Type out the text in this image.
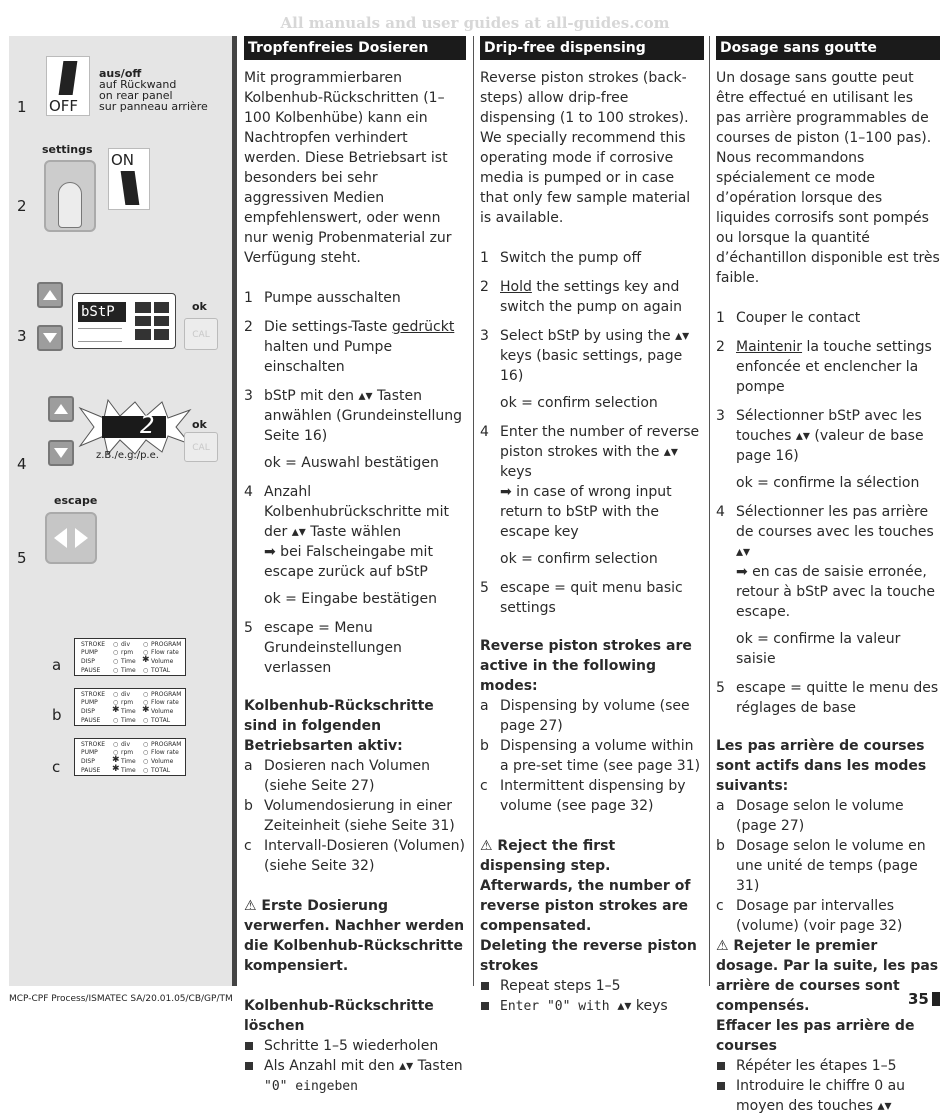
All manuals and user guides at all-guides.com
1
2
3
4
5
OFF
aus/off
auf Rückwand
on rear panel
sur panneau arrière
settings
ON
bStP	ok
CAL
2	ok
CAL
z.B./e.g./p.e.
escape
a
b
c
STROKE
PUMP
DISP
PAUSE
○ div
○ rpm
○ Time
○ Time
○ PROGRAM
○ Flow rate
✱ Volume
○ TOTAL
STROKE
PUMP
DISP
PAUSE
○ div
○ rpm
✱ Time
○ Time
○ PROGRAM
○ Flow rate
✱ Volume
○ TOTAL
STROKE
PUMP
DISP
PAUSE
○ div
○ rpm
✱ Time
✱ Time
○ PROGRAM
○ Flow rate
○ Volume
○ TOTAL
Tropfenfreies Dosieren

Mit programmierbaren Kolbenhub-Rückschritten (1–100 Kolbenhübe) kann ein Nachtropfen verhindert werden. Diese Betriebsart ist besonders bei sehr aggressiven Medien empfehlenswert, oder wenn nur wenig Probenmaterial zur Verfügung steht.

1 Pumpe ausschalten
2 Die settings-Taste gedrückt halten und Pumpe einschalten
3 bStP mit den ▴▾ Tasten anwählen (Grundeinstellung Seite 16)

ok = Auswahl bestätigen

4 Anzahl Kolbenhubrückschritte mit der ▴▾ Taste wählen
➡ bei Falscheingabe mit escape zurück auf bStP

ok = Eingabe bestätigen

5 escape = Menu Grundeinstellungen verlassen

Kolbenhub-Rückschritte sind in folgenden Betriebsarten aktiv:

a Dosieren nach Volumen (siehe Seite 27)
b Volumendosierung in einer Zeiteinheit (siehe Seite 31)
c Intervall-Dosieren (Volumen) (siehe Seite 32)

⚠ Erste Dosierung verwerfen. Nachher werden die Kolbenhub-Rückschritte kompensiert.

Kolbenhub-Rückschritte löschen

Schritte 1–5 wiederholen

Als Anzahl mit den ▴▾ Tasten
"0" eingeben

Drip-free dispensing

Reverse piston strokes (back-steps) allow drip-free dispensing (1 to 100 strokes). We specially recommend this operating mode if corrosive media is pumped or in case that only few sample material is available.

1 Switch the pump off
2 Hold the settings key and switch the pump on again
3 Select bStP by using the ▴▾ keys (basic settings, page 16)

ok = confirm selection

4 Enter the number of reverse piston strokes with the ▴▾ keys
➡ in case of wrong input return to bStP with the escape key

ok = confirm selection

5 escape = quit menu basic settings

Reverse piston strokes are active in the following modes:

a Dispensing by volume (see page 27)
b Dispensing a volume within a pre-set time (see page 31)
c Intermittent dispensing by volume (see page 32)

⚠ Reject the first dispensing step. Afterwards, the number of reverse piston strokes are compensated.

Deleting the reverse piston strokes

Repeat steps 1–5

Enter "0" with ▴▾ keys

Dosage sans goutte

Un dosage sans goutte peut être effectué en utilisant les pas arrière programmables de courses de piston (1–100 pas). Nous recommandons spécialement ce mode d’opération lorsque des liquides corrosifs sont pompés ou lorsque la quantité d’échantillon disponible est très faible.

1 Couper le contact
2 Maintenir la touche settings enfoncée et enclencher la pompe
3 Sélectionner bStP avec les touches ▴▾ (valeur de base page 16)

ok = confirme la sélection

4 Sélectionner les pas arrière de courses avec les touches ▴▾
➡ en cas de saisie erronée, retour à bStP avec la touche escape.

ok = confirme la valeur saisie

5 escape = quitte le menu des réglages de base

Les pas arrière de courses sont actifs dans les modes suivants:

a Dosage selon le volume (page 27)
b Dosage selon le volume en une unité de temps (page 31)
c Dosage par intervalles (volume) (voir page 32)

⚠ Rejeter le premier dosage. Par la suite, les pas arrière de courses sont compensés.

Effacer les pas arrière de courses

Répéter les étapes 1–5

Introduire le chiffre 0 au moyen des touches ▴▾

MCP-CPF Process/ISMATEC SA/20.01.05/CB/GP/TM	35
